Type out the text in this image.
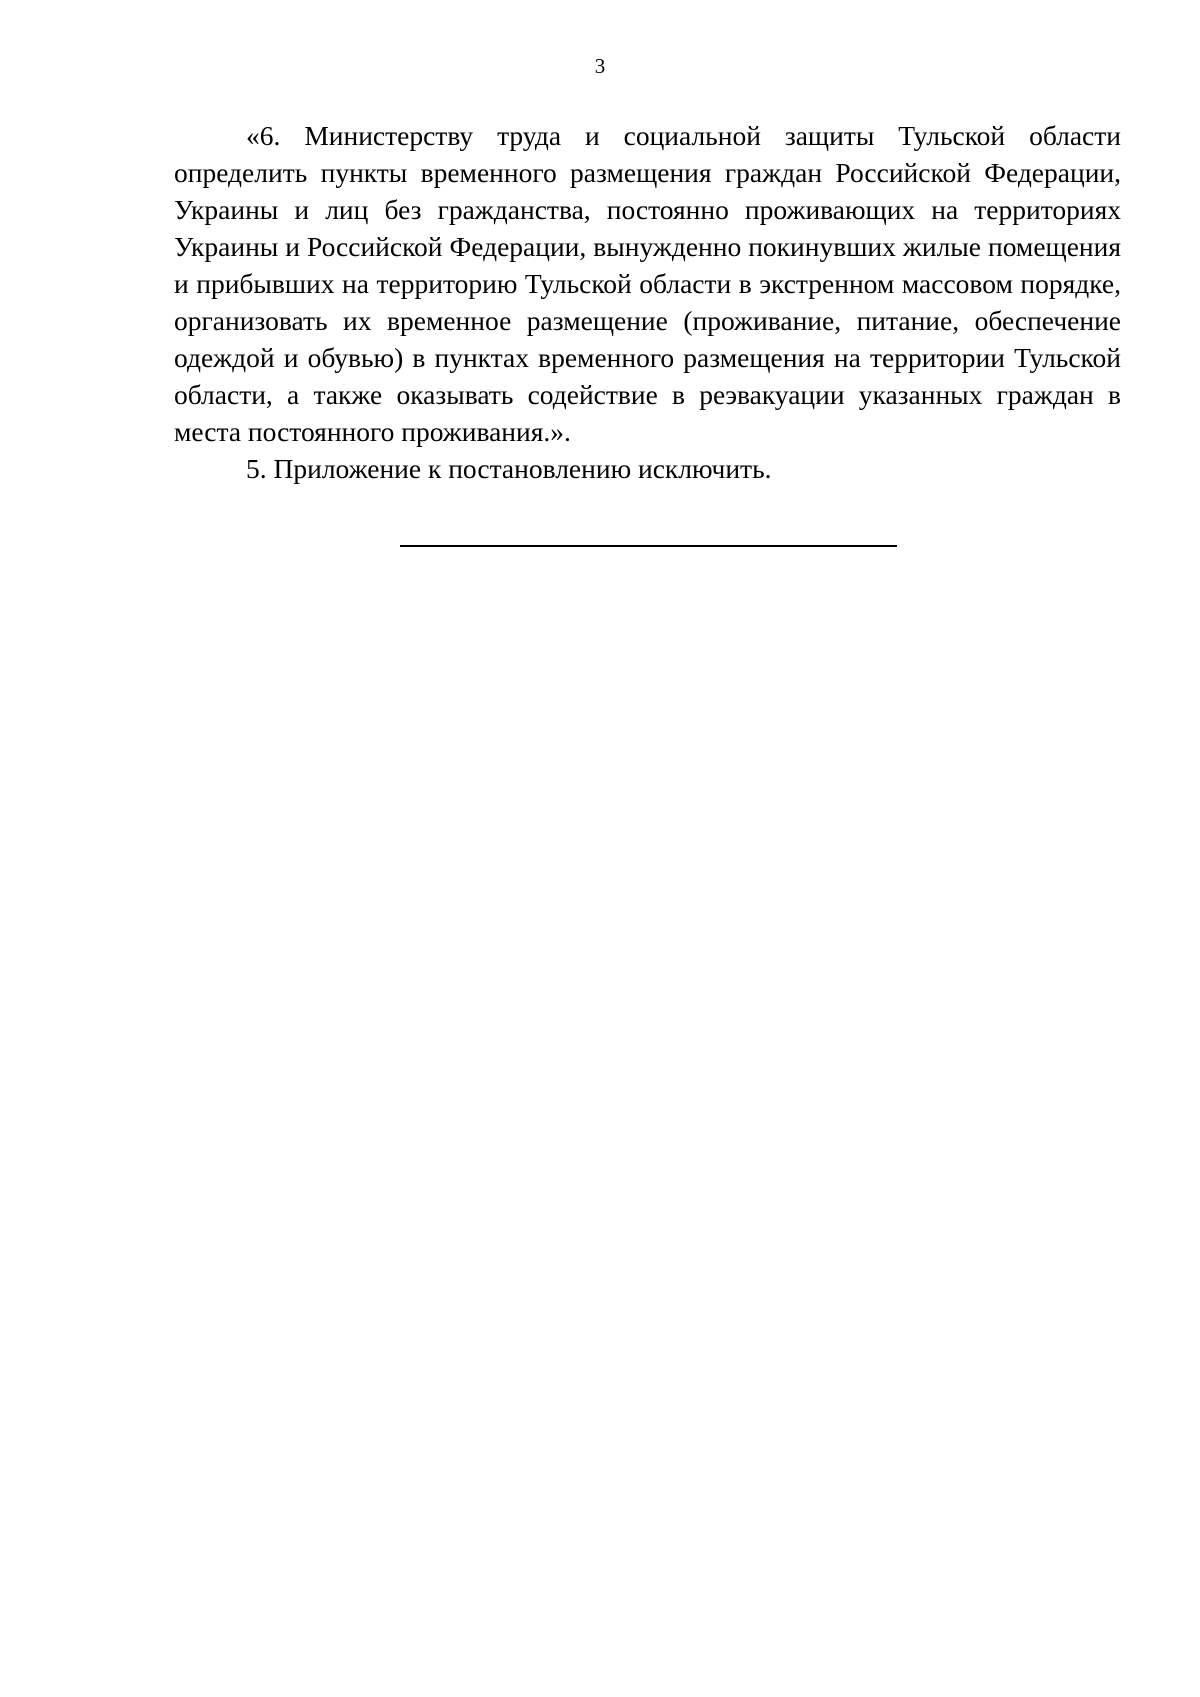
3

«6. Министерству труда и социальной защиты Тульской области определить пункты временного размещения граждан Российской Федерации, Украины и лиц без гражданства, постоянно проживающих на территориях Украины и Российской Федерации, вынужденно покинувших жилые помещения и прибывших на территорию Тульской области в экстренном массовом порядке, организовать их временное размещение (проживание, питание, обеспечение одеждой и обувью) в пунктах временного размещения на территории Тульской области, а также оказывать содействие в реэвакуации указанных граждан в места постоянного проживания.».

5. Приложение к постановлению исключить.
